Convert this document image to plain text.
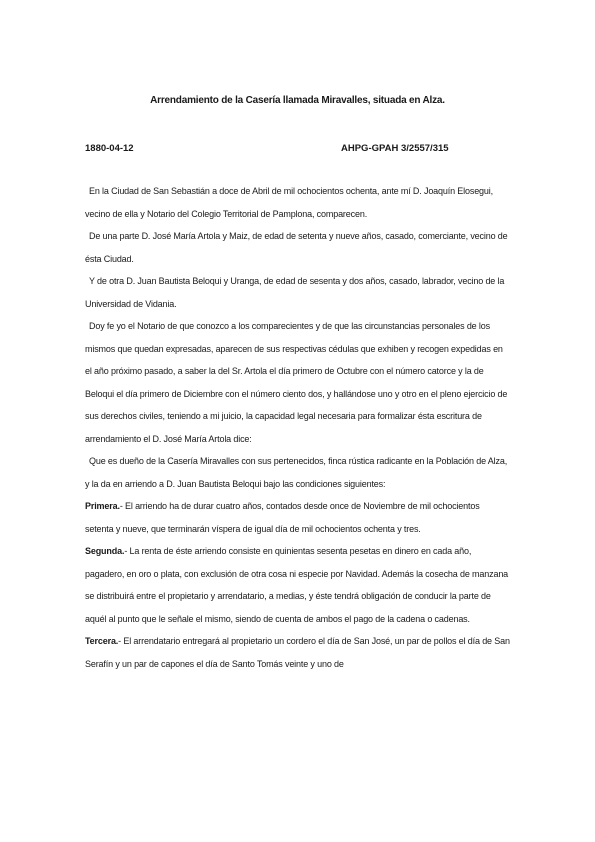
Arrendamiento de la Casería llamada Miravalles, situada en Alza.
1880-04-12	AHPG-GPAH 3/2557/315

En la Ciudad de San Sebastián a doce de Abril de mil ochocientos ochenta, ante mí D. Joaquín Elosegui, vecino de ella y Notario del Colegio Territorial de Pamplona, comparecen.

De una parte D. José María Artola y Maiz, de edad de setenta y nueve años, casado, comerciante, vecino de ésta Ciudad.

Y de otra D. Juan Bautista Beloqui y Uranga, de edad de sesenta y dos años, casado, labrador, vecino de la Universidad de Vidania.

Doy fe yo el Notario de que conozco a los comparecientes y de que las circunstancias personales de los mismos que quedan expresadas, aparecen de sus respectivas cédulas que exhiben y recogen expedidas en el año próximo pasado, a saber la del Sr. Artola el día primero de Octubre con el número catorce y la de Beloqui el día primero de Diciembre con el número ciento dos, y hallándose uno y otro en el pleno ejercicio de sus derechos civiles, teniendo a mi juicio, la capacidad legal necesaria para formalizar ésta escritura de arrendamiento el D. José María Artola dice:

Que es dueño de la Casería Miravalles con sus pertenecidos, finca rústica radicante en la Población de Alza, y la da en arriendo a D. Juan Bautista Beloqui bajo las condiciones siguientes:

Primera.- El arriendo ha de durar cuatro años, contados desde once de Noviembre de mil ochocientos setenta y nueve, que terminarán víspera de igual día de mil ochocientos ochenta y tres.

Segunda.- La renta de éste arriendo consiste en quinientas sesenta pesetas en dinero en cada año, pagadero, en oro o plata, con exclusión de otra cosa ni especie por Navidad. Además la cosecha de manzana se distribuirá entre el propietario y arrendatario, a medias, y éste tendrá obligación de conducir la parte de aquél al punto que le señale el mismo, siendo de cuenta de ambos el pago de la cadena o cadenas.

Tercera.- El arrendatario entregará al propietario un cordero el día de San José, un par de pollos el día de San Serafín y un par de capones el día de Santo Tomás veinte y uno de
